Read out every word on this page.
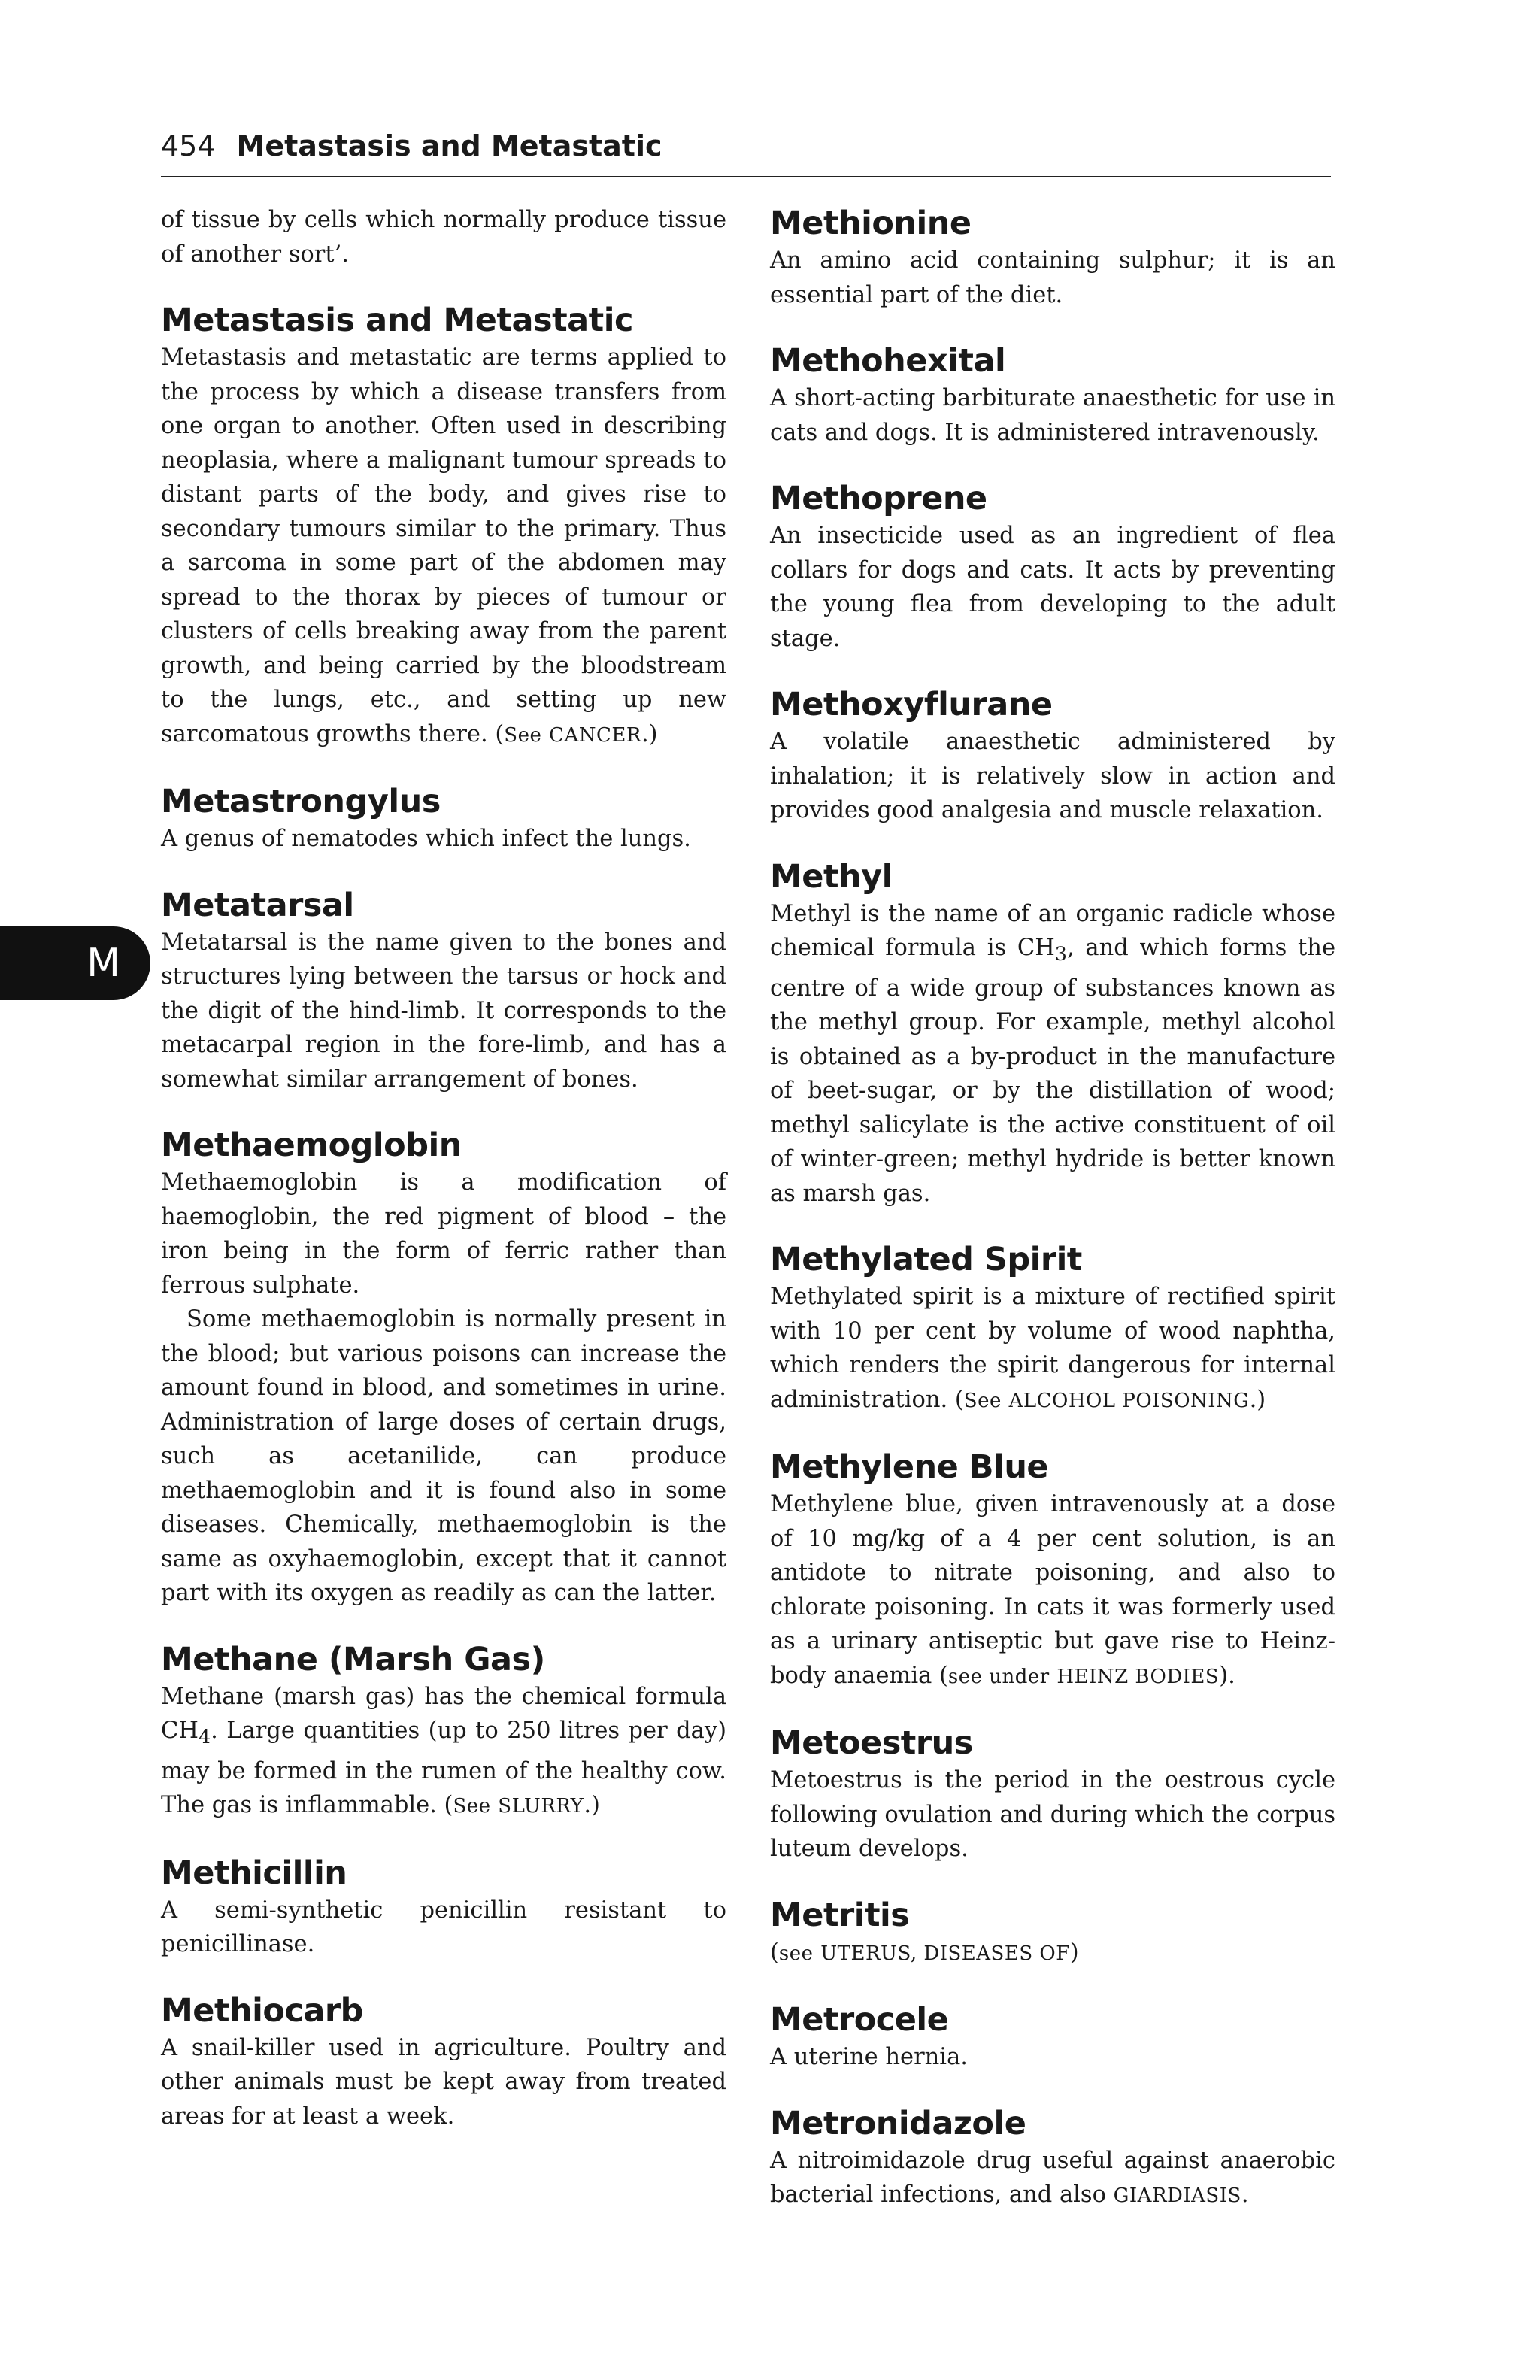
454 Metastasis and Metastatic
M

of tissue by cells which normally produce tissue of another sort’.

Metastasis and Metastatic

Metastasis and metastatic are terms applied to the process by which a disease transfers from one organ to another. Often used in describing neoplasia, where a malignant tumour spreads to distant parts of the body, and gives rise to secondary tumours similar to the primary. Thus a sarcoma in some part of the abdomen may spread to the thorax by pieces of tumour or clusters of cells breaking away from the parent growth, and being carried by the bloodstream to the lungs, etc., and setting up new sarcomatous growths there. (See CANCER.)

Metastrongylus

A genus of nematodes which infect the lungs.

Metatarsal

Metatarsal is the name given to the bones and structures lying between the tarsus or hock and the digit of the hind-limb. It corresponds to the metacarpal region in the fore-limb, and has a somewhat similar arrangement of bones.

Methaemoglobin

Methaemoglobin is a modification of haemoglobin, the red pigment of blood – the iron being in the form of ferric rather than ferrous sulphate.

Some methaemoglobin is normally present in the blood; but various poisons can increase the amount found in blood, and sometimes in urine. Administration of large doses of certain drugs, such as acetanilide, can produce methaemoglobin and it is found also in some diseases. Chemically, methaemoglobin is the same as oxyhaemoglobin, except that it cannot part with its oxygen as readily as can the latter.

Methane (Marsh Gas)

Methane (marsh gas) has the chemical formula $CH_4$. Large quantities (up to 250 litres per day) may be formed in the rumen of the healthy cow. The gas is inflammable. (See SLURRY.)

Methicillin

A semi-synthetic penicillin resistant to penicillinase.

Methiocarb

A snail-killer used in agriculture. Poultry and other animals must be kept away from treated areas for at least a week.

Methionine

An amino acid containing sulphur; it is an essential part of the diet.

Methohexital

A short-acting barbiturate anaesthetic for use in cats and dogs. It is administered intravenously.

Methoprene

An insecticide used as an ingredient of flea collars for dogs and cats. It acts by preventing the young flea from developing to the adult stage.

Methoxyflurane

A volatile anaesthetic administered by inhalation; it is relatively slow in action and provides good analgesia and muscle relaxation.

Methyl

Methyl is the name of an organic radicle whose chemical formula is $CH_3$, and which forms the centre of a wide group of substances known as the methyl group. For example, methyl alcohol is obtained as a by-product in the manufacture of beet-sugar, or by the distillation of wood; methyl salicylate is the active constituent of oil of winter-green; methyl hydride is better known as marsh gas.

Methylated Spirit

Methylated spirit is a mixture of rectified spirit with 10 per cent by volume of wood naphtha, which renders the spirit dangerous for internal administration. (See ALCOHOL POISONING.)

Methylene Blue

Methylene blue, given intravenously at a dose of 10 mg/kg of a 4 per cent solution, is an antidote to nitrate poisoning, and also to chlorate poisoning. In cats it was formerly used as a urinary antiseptic but gave rise to Heinz-body anaemia (see under HEINZ BODIES).

Metoestrus

Metoestrus is the period in the oestrous cycle following ovulation and during which the corpus luteum develops.

Metritis

(see UTERUS, DISEASES OF)

Metrocele

A uterine hernia.

Metronidazole

A nitroimidazole drug useful against anaerobic bacterial infections, and also GIARDIASIS.
